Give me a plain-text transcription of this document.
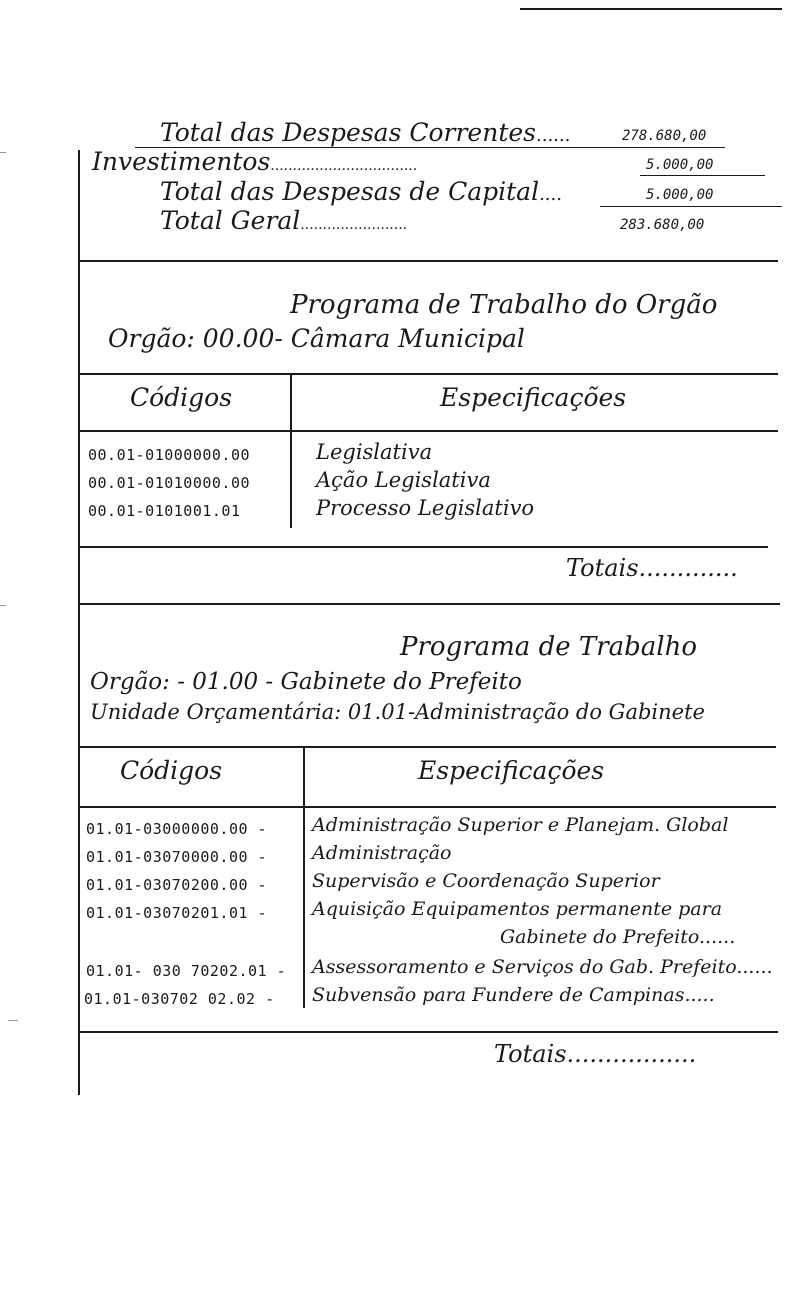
Total das Despesas Correntes......	278.680,00
Investimentos.................................	5.000,00
Total das Despesas de Capital....	5.000,00
Total Geral........................	283.680,00
Programa de Trabalho do Orgão
Orgão: 00.00- Câmara Municipal
Códigos	Especificações
00.01-01000000.00	Legislativa
00.01-01010000.00	Ação Legislativa
00.01-0101001.01	Processo Legislativo
Totais.............
Programa de Trabalho
Orgão: - 01.00 - Gabinete do Prefeito
Unidade Orçamentária: 01.01-Administração do Gabinete
Códigos	Especificações
01.01-03000000.00 - Administração Superior e Planejam. Global
01.01-03070000.00 - Administração
01.01-03070200.00 - Supervisão e Coordenação Superior
01.01-03070201.01 - Aquisição Equipamentos permanente para
Gabinete do Prefeito......
01.01- 030 70202.01 - Assessoramento e Serviços do Gab. Prefeito......
01.01-030702 02.02 - Subvensão para Fundere de Campinas.....
Totais.................
